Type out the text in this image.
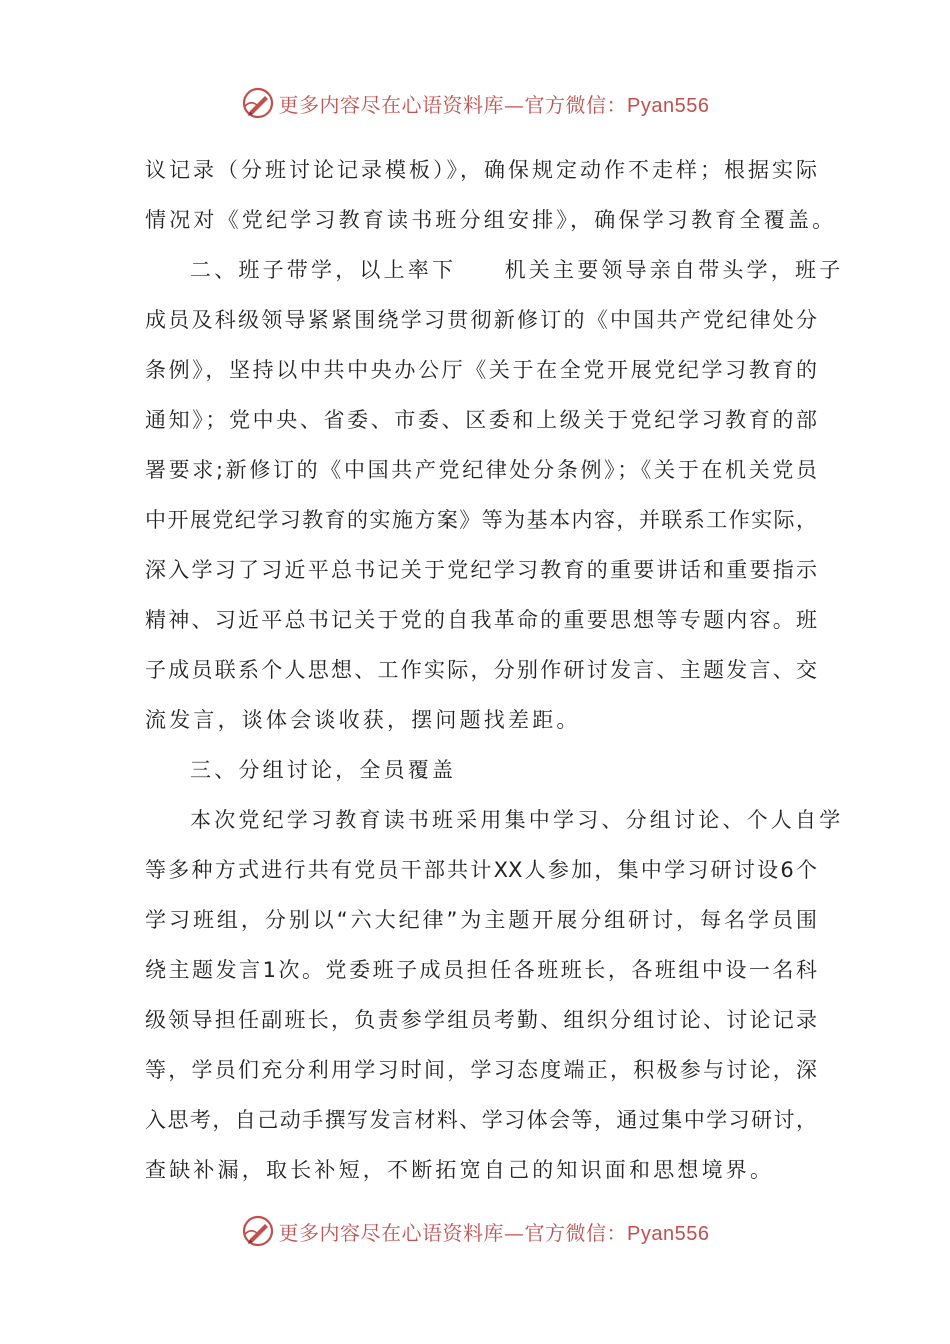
更多内容尽在心语资料库—官方微信：Pyan556
议记录（分班讨论记录模板）》，确保规定动作不走样；根据实际
情况对《党纪学习教育读书班分组安排》，确保学习教育全覆盖。
二、班子带学，以上率下　　机关主要领导亲自带头学，班子
成员及科级领导紧紧围绕学习贯彻新修订的《中国共产党纪律处分
条例》，坚持以中共中央办公厅《关于在全党开展党纪学习教育的
通知》；党中央、省委、市委、区委和上级关于党纪学习教育的部
署要求;新修订的《中国共产党纪律处分条例》；《关于在机关党员
中开展党纪学习教育的实施方案》等为基本内容，并联系工作实际，
深入学习了习近平总书记关于党纪学习教育的重要讲话和重要指示
精神、习近平总书记关于党的自我革命的重要思想等专题内容。班
子成员联系个人思想、工作实际，分别作研讨发言、主题发言、交
流发言，谈体会谈收获，摆问题找差距。
三、分组讨论，全员覆盖
本次党纪学习教育读书班采用集中学习、分组讨论、个人自学
等多种方式进行共有党员干部共计XX人参加，集中学习研讨设6个
学习班组，分别以“六大纪律”为主题开展分组研讨，每名学员围
绕主题发言1次。党委班子成员担任各班班长，各班组中设一名科
级领导担任副班长，负责参学组员考勤、组织分组讨论、讨论记录
等，学员们充分利用学习时间，学习态度端正，积极参与讨论，深
入思考，自己动手撰写发言材料、学习体会等，通过集中学习研讨，
查缺补漏，取长补短，不断拓宽自己的知识面和思想境界。
更多内容尽在心语资料库—官方微信：Pyan556
